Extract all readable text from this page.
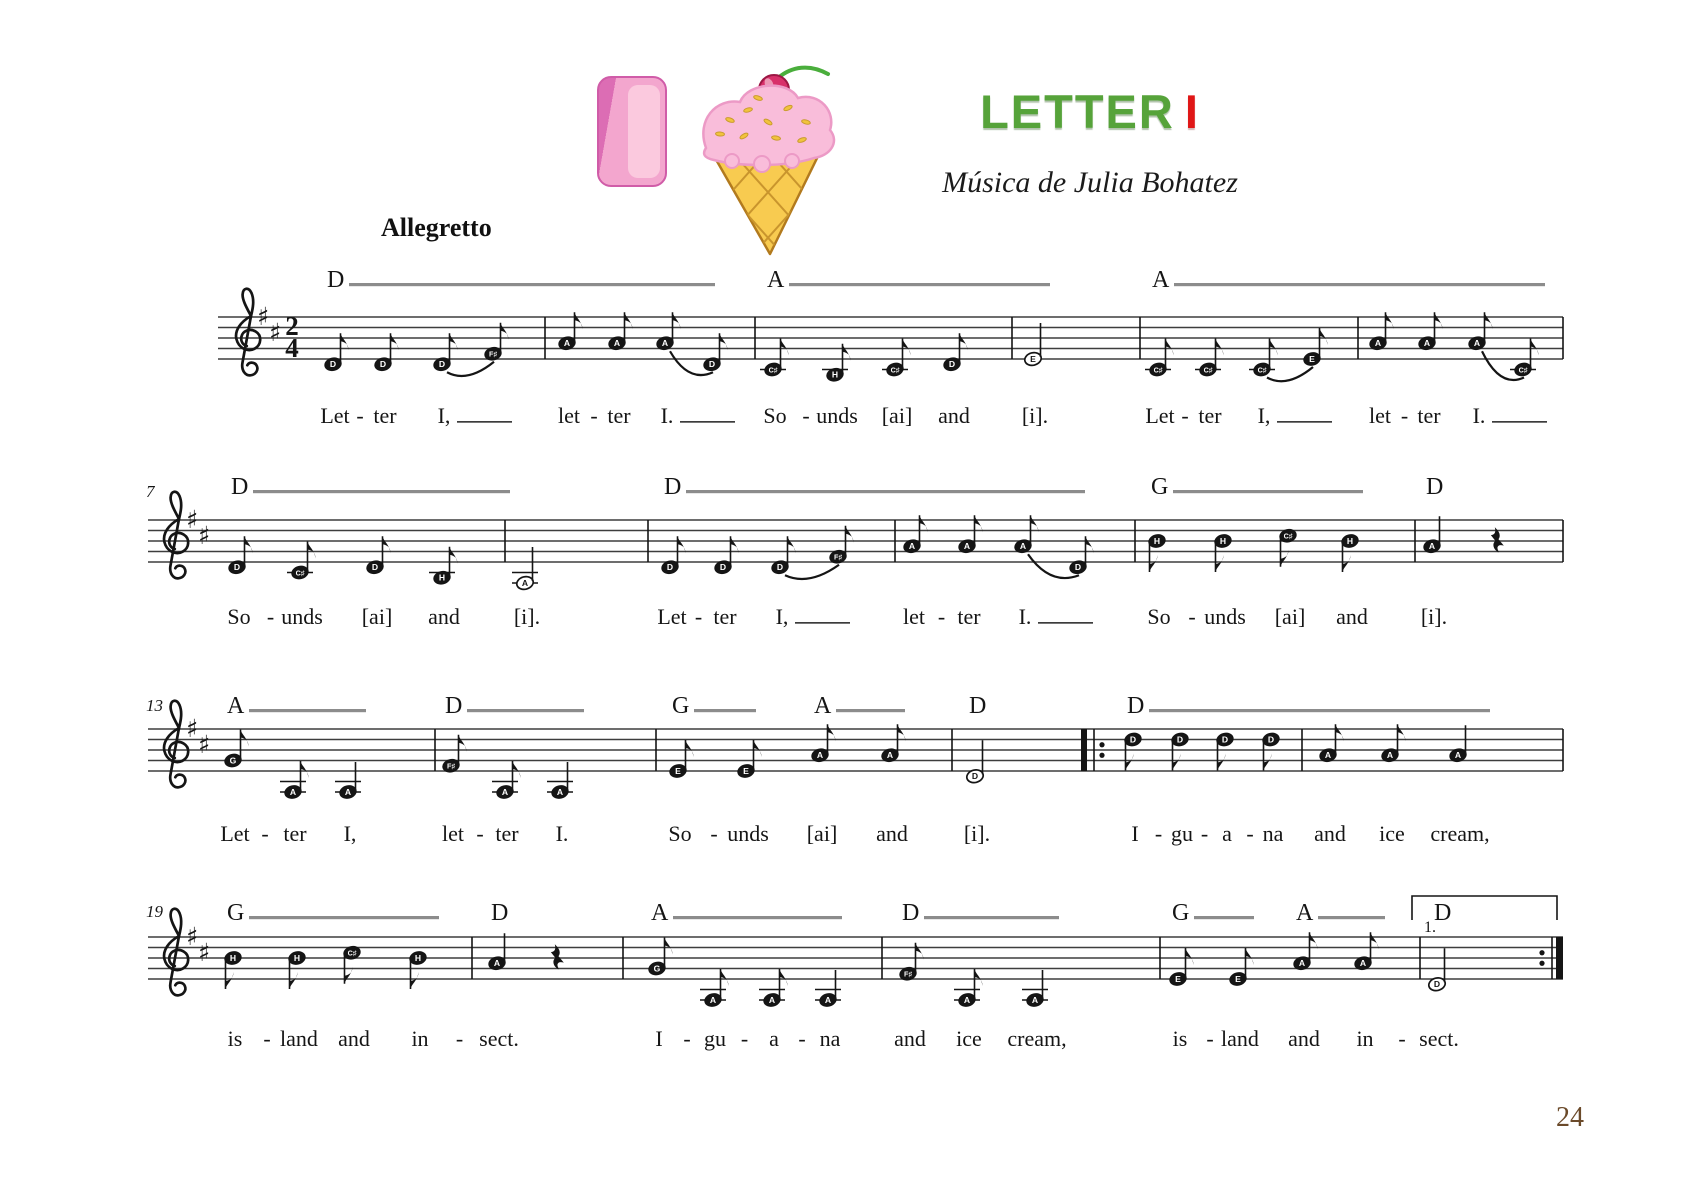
LETTER I
Música de Julia Bohatez
Allegretto
♯
♯ 2
4
D	A	A
D	D	D
F♯
A	A	A
D
C♯	H	C♯
D
E
C♯	C♯	C♯
E
A	A	A
C♯
Let - ter I,	let - ter I.	So - unds [ai] and [i].	Let - ter I,	let - ter I.
♯
♯
7	D	D	G	D
D
C♯
D
H
A
D	D	D
F♯
A	A	A
D
H	H	C♯	H
A
So - unds [ai] and [i].	Let - ter I,	let - ter I.	So - unds [ai] and [i].
♯
♯
13	A	D	G	A	D	D
G
A	A
F♯
A	A
E	E
A	A
D
D	D	D	D
A	A	A
Let - ter I,	let - ter I.	So - unds [ai] and	[i].	I - gu - a - na and ice cream,
♯
♯
19	G	D	A	D	G	A	D
H	H	C♯	H
A
G
A	A	A
F♯
A	A
E	E
A	A
D
1.
is - land and in - sect.	I - gu - a - na and ice cream,	is - land and in - sect.
24
